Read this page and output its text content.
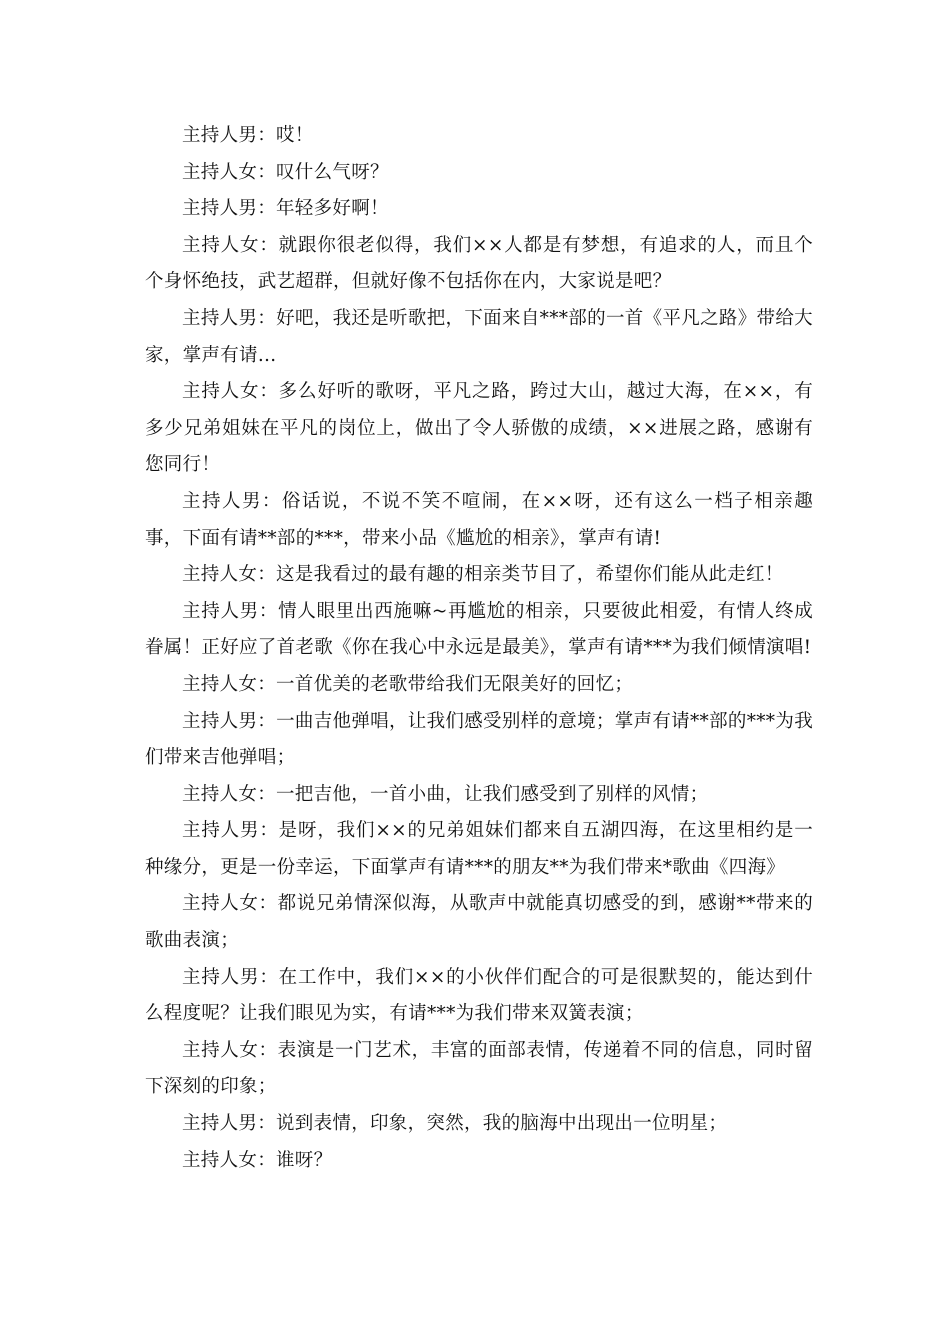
主持人男：哎！

主持人女：叹什么气呀？

主持人男：年轻多好啊！

主持人女：就跟你很老似得，我们××人都是有梦想，有追求的人，而且个个身怀绝技，武艺超群，但就好像不包括你在内，大家说是吧？

主持人男：好吧，我还是听歌把，下面来自***部的一首《平凡之路》带给大家，掌声有请…

主持人女：多么好听的歌呀，平凡之路，跨过大山，越过大海，在××，有多少兄弟姐妹在平凡的岗位上，做出了令人骄傲的成绩，××进展之路，感谢有您同行！

主持人男：俗话说，不说不笑不喧闹，在××呀，还有这么一档子相亲趣事，下面有请**部的***，带来小品《尴尬的相亲》，掌声有请!

主持人女：这是我看过的最有趣的相亲类节目了，希望你们能从此走红！

主持人男：情人眼里出西施嘛~再尴尬的相亲，只要彼此相爱，有情人终成眷属！正好应了首老歌《你在我心中永远是最美》，掌声有请***为我们倾情演唱!

主持人女：一首优美的老歌带给我们无限美好的回忆；

主持人男：一曲吉他弹唱，让我们感受别样的意境；掌声有请**部的***为我们带来吉他弹唱；

主持人女：一把吉他，一首小曲，让我们感受到了别样的风情；

主持人男：是呀，我们××的兄弟姐妹们都来自五湖四海，在这里相约是一种缘分，更是一份幸运，下面掌声有请***的朋友**为我们带来*歌曲《四海》

主持人女：都说兄弟情深似海，从歌声中就能真切感受的到，感谢**带来的歌曲表演；

主持人男：在工作中，我们××的小伙伴们配合的可是很默契的，能达到什么程度呢？让我们眼见为实，有请***为我们带来双簧表演；

主持人女：表演是一门艺术，丰富的面部表情，传递着不同的信息，同时留下深刻的印象；

主持人男：说到表情，印象，突然，我的脑海中出现出一位明星；

主持人女：谁呀？
